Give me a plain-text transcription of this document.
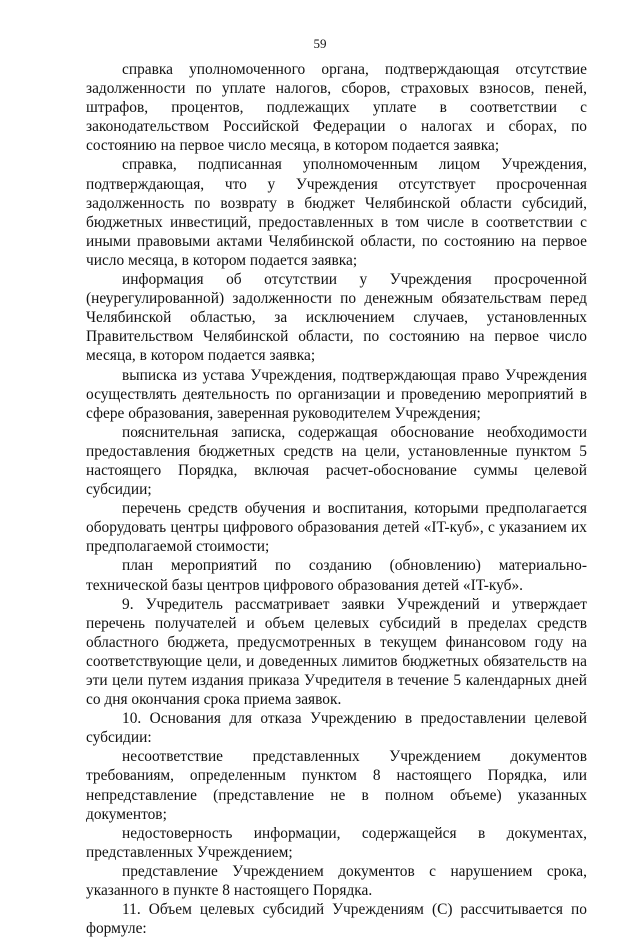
59

справка уполномоченного органа, подтверждающая отсутствие задолженности по уплате налогов, сборов, страховых взносов, пеней, штрафов, процентов, подлежащих уплате в соответствии с законодательством Российской Федерации о налогах и сборах, по состоянию на первое число месяца, в котором подается заявка;

справка, подписанная уполномоченным лицом Учреждения, подтверждающая, что у Учреждения отсутствует просроченная задолженность по возврату в бюджет Челябинской области субсидий, бюджетных инвестиций, предоставленных в том числе в соответствии с иными правовыми актами Челябинской области, по состоянию на первое число месяца, в котором подается заявка;

информация об отсутствии у Учреждения просроченной (неурегулированной) задолженности по денежным обязательствам перед Челябинской областью, за исключением случаев, установленных Правительством Челябинской области, по состоянию на первое число месяца, в котором подается заявка;

выписка из устава Учреждения, подтверждающая право Учреждения осуществлять деятельность по организации и проведению мероприятий в сфере образования, заверенная руководителем Учреждения;

пояснительная записка, содержащая обоснование необходимости предоставления бюджетных средств на цели, установленные пунктом 5 настоящего Порядка, включая расчет-обоснование суммы целевой субсидии;

перечень средств обучения и воспитания, которыми предполагается оборудовать центры цифрового образования детей «IT-куб», с указанием их предполагаемой стоимости;

план мероприятий по созданию (обновлению) материально-технической базы центров цифрового образования детей «IT-куб».

9. Учредитель рассматривает заявки Учреждений и утверждает перечень получателей и объем целевых субсидий в пределах средств областного бюджета, предусмотренных в текущем финансовом году на соответствующие цели, и доведенных лимитов бюджетных обязательств на эти цели путем издания приказа Учредителя в течение 5 календарных дней со дня окончания срока приема заявок.

10. Основания для отказа Учреждению в предоставлении целевой субсидии:

несоответствие представленных Учреждением документов требованиям, определенным пунктом 8 настоящего Порядка, или непредставление (представление не в полном объеме) указанных документов;

недостоверность информации, содержащейся в документах, представленных Учреждением;

представление Учреждением документов с нарушением срока, указанного в пункте 8 настоящего Порядка.

11. Объем целевых субсидий Учреждениям (С) рассчитывается по формуле:
